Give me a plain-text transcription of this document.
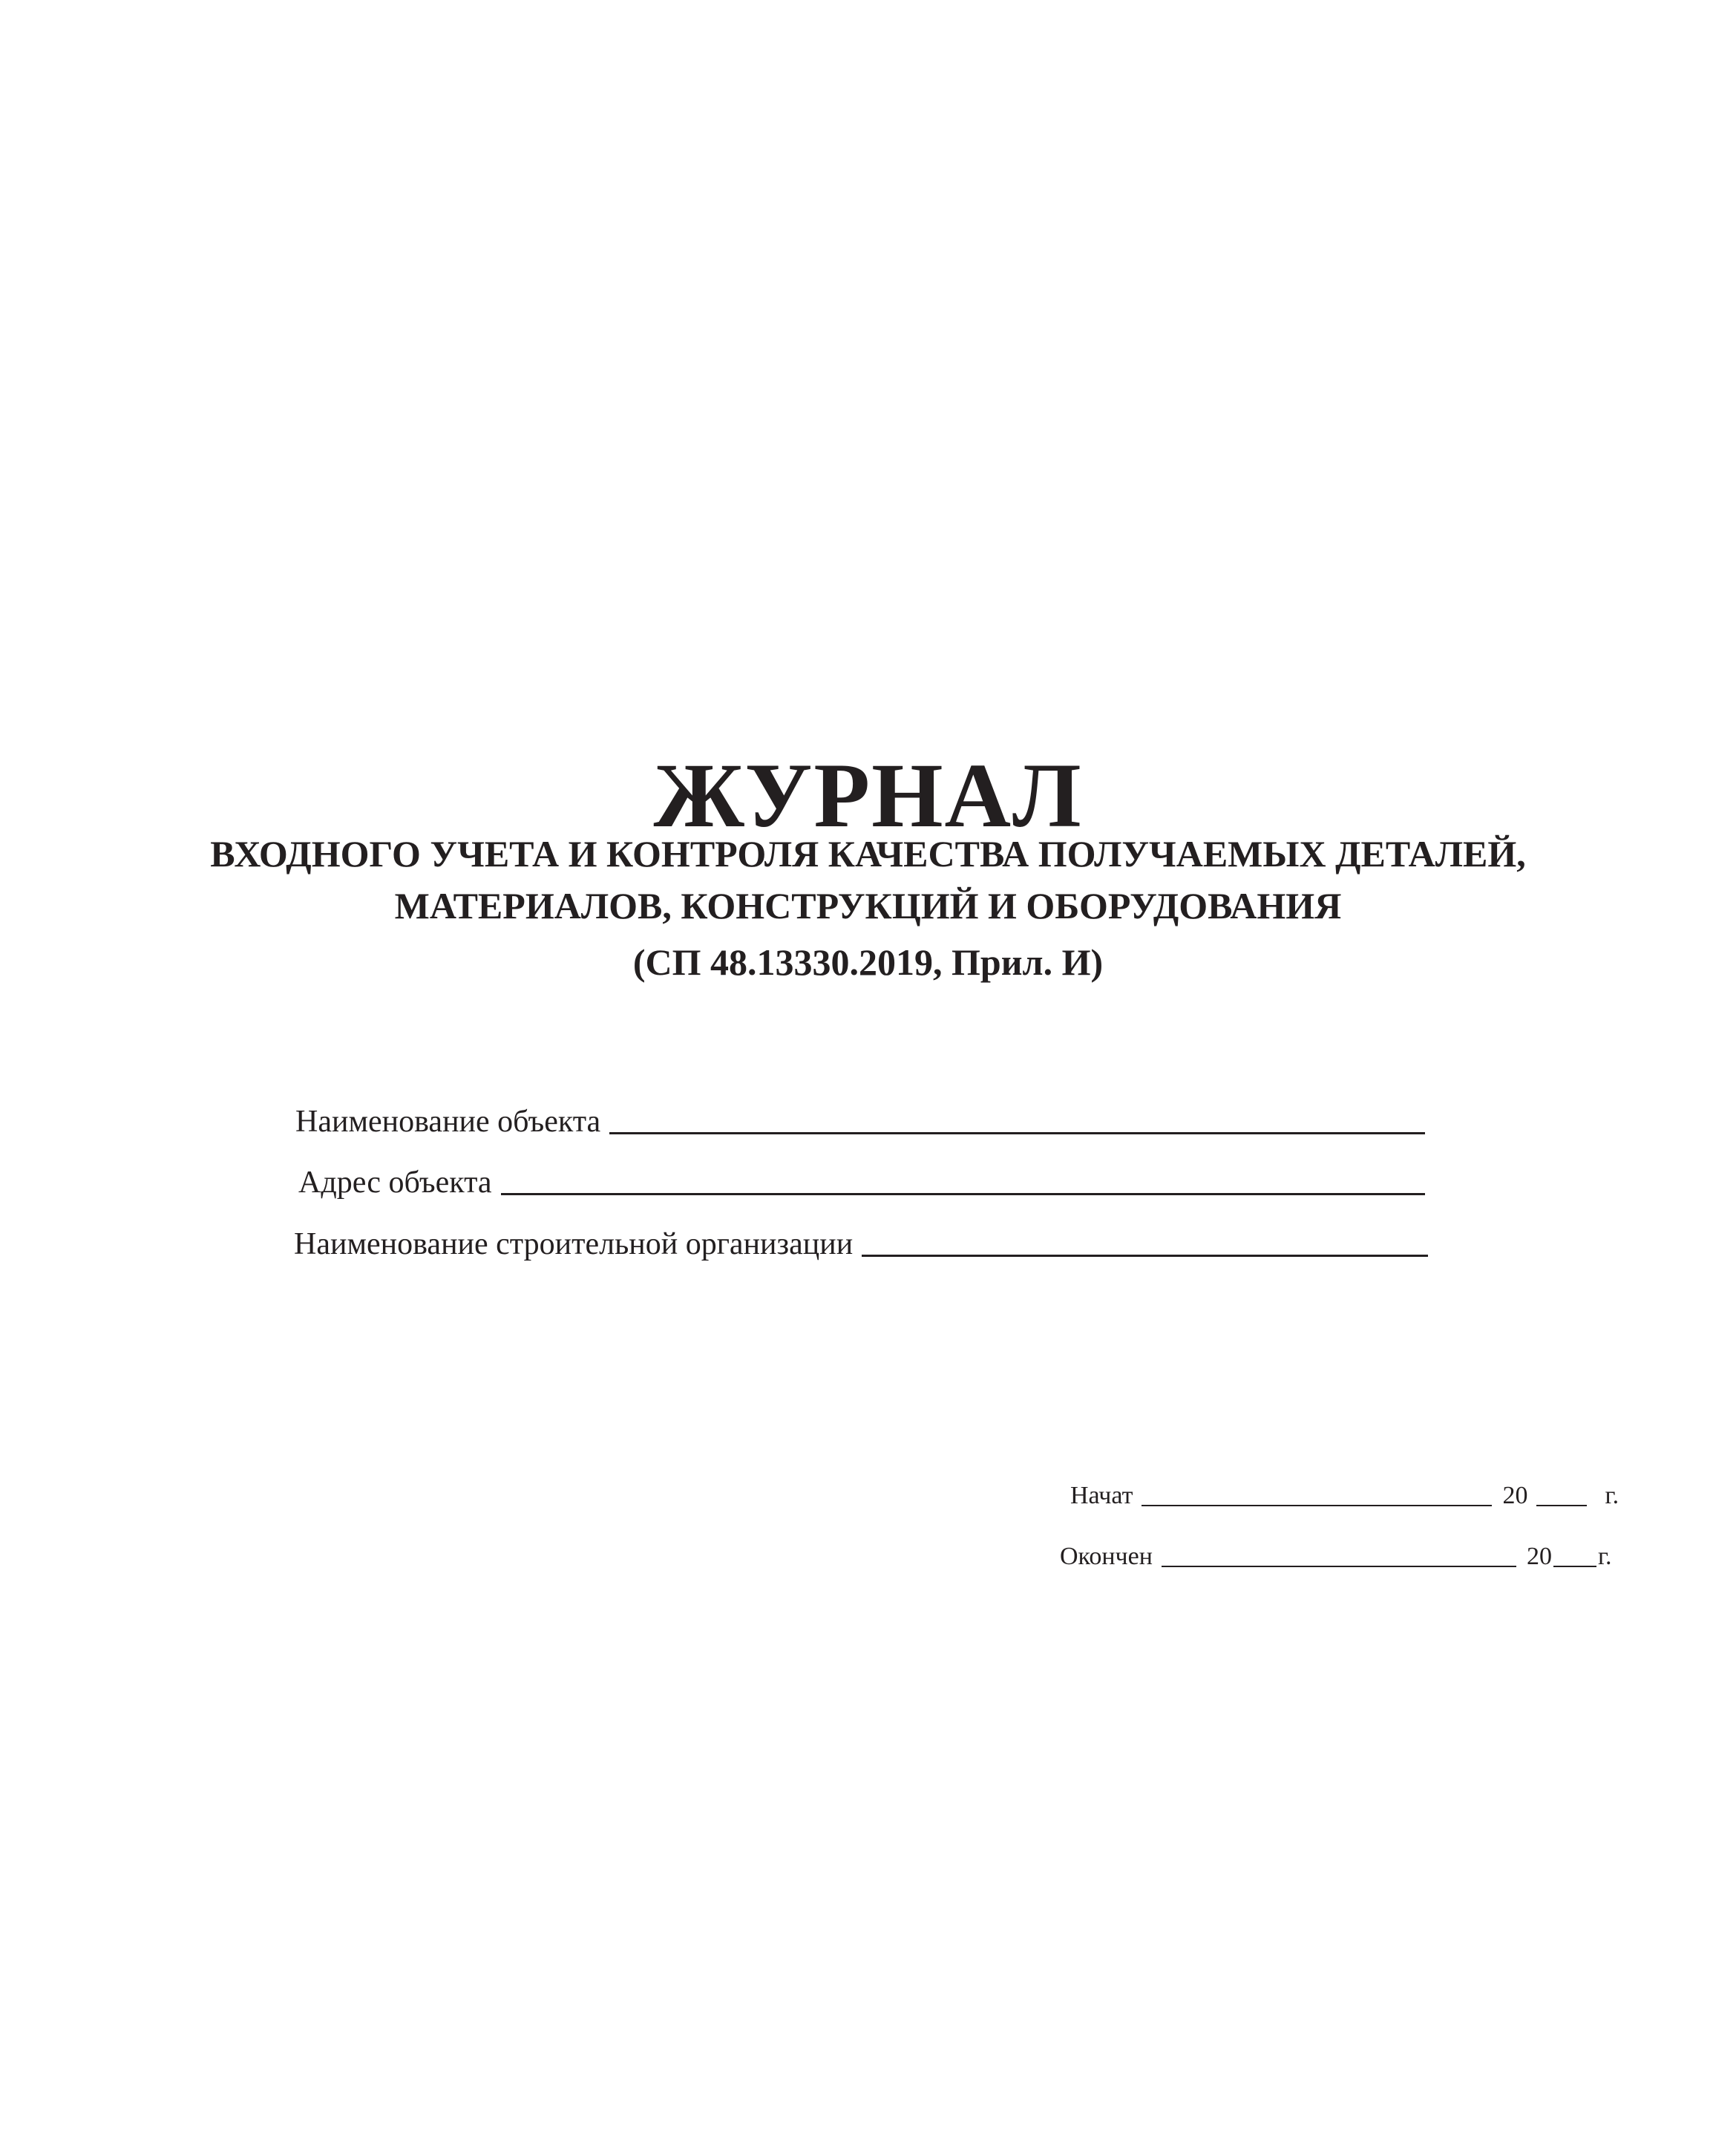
ЖУРНАЛ
ВХОДНОГО УЧЕТА И КОНТРОЛЯ КАЧЕСТВА ПОЛУЧАЕМЫХ ДЕТАЛЕЙ,
МАТЕРИАЛОВ, КОНСТРУКЦИЙ И ОБОРУДОВАНИЯ
(СП 48.13330.2019, Прил. И)
Наименование объекта
Адрес объекта
Наименование строительной организации
Начат	20	г.
Окончен	20 г.
